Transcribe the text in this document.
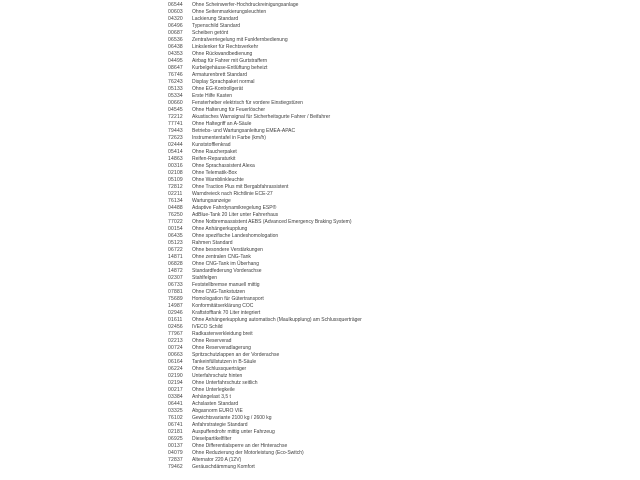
06544	Ohne Scheinwerfer-Hochdruckreinigungsanlage
00603	Ohne Seitenmarkierungsleuchten
04320	Lackierung Standard
06496	Typenschild Standard
00687	Scheiben getönt
06536	Zentralverriegelung mit Funkfernbedienung
06438	Linkslenker für Rechtsverkehr
04353	Ohne Rückwandbedienung
04495	Airbag für Fahrer mit Gurtstraffern
08647	Kurbelgehäuse-Entlüftung beheizt
76746	Armaturenbrett Standard
76243	Display Sprachpaket normal
05133	Ohne EG-Kontrollgerät
05334	Erste Hilfe Kasten
00660	Fensterheber elektrisch für vordere Einstiegstüren
04545	Ohne Halterung für Feuerlöscher
72212	Akustisches Warnsignal für Sicherheitsgurte Fahrer / Beifahrer
77741	Ohne Haltegriff an A-Säule
79443	Betriebs- und Wartungsanleitung EMEA-APAC
72623	Instrumententafel in Farbe (km/h)
02444	Kunststofflenkrad
05414	Ohne Raucherpaket
14863	Reifen-Reparaturkit
00316	Ohne Sprachassistent Alexa
02108	Ohne Telematik-Box
05109	Ohne Warnblinkleuchte
72812	Ohne Traction Plus mit Bergabfahrassistent
02211	Warndreieck nach Richtlinie ECE-27
76134	Wartungsanzeige
04488	Adaptive Fahrdynamikregelung ESP®
76250	AdBlue-Tank 20 Liter unter Fahrerhaus
77022	Ohne Notbremsassistent AEBS (Advanced Emergency Braking System)
00154	Ohne Anhängerkupplung
06435	Ohne spezifische Landeshomologation
05123	Rahmen Standard
06722	Ohne besondere Verstärkungen
14871	Ohne zentralen CNG-Tank
06828	Ohne CNG-Tank im Überhang
14872	Standardfederung Vorderachse
02307	Stahlfelgen
06733	Feststellbremse manuell mittig
07881	Ohne CNG-Tankstutzen
75689	Homologation für Gütertransport
14987	Konformitätserklärung COC
02946	Kraftstofftank 70 Liter integriert
01611	Ohne Anhängerkupplung automatisch (Maulkupplung) am Schlussquerträger
02456	IVECO Schild
77967	Radkastenverkleidung breit
02213	Ohne Reserverad
00724	Ohne Reserveradlagerung
00663	Spritzschutzlappen an der Vorderachse
06164	Tankeinfüllstutzen in B-Säule
06224	Ohne Schlussquerträger
02190	Unterfahrschutz hinten
02194	Ohne Unterfahrschutz seitlich
00217	Ohne Unterlegkeile
03384	Anhängelast 3,5 t
06441	Achslasten Standard
03325	Abgasnorm EURO VIE
76102	Gewichtsvariante 2100 kg / 2600 kg
06741	Anfahrstrategie Standard
02181	Auspuffendrohr mittig unter Fahrzeug
06925	Dieselpartikelfilter
00137	Ohne Differentialsperre an der Hinterachse
04079	Ohne Reduzierung der Motorleistung (Eco-Switch)
72837	Alternator 220 A (12V)
79462	Geräuschdämmung Komfort
